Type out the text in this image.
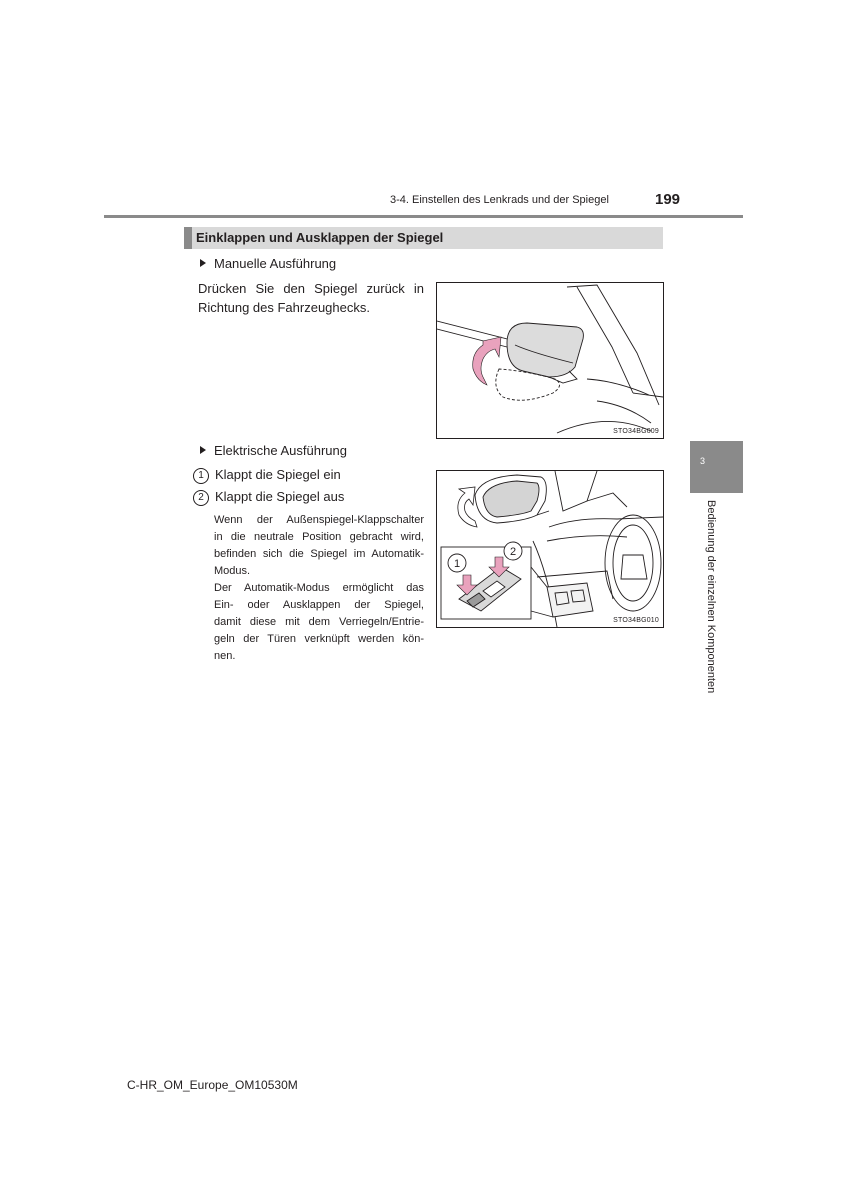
3-4. Einstellen des Lenkrads und der Spiegel	199
Einklappen und Ausklappen der Spiegel
Manuelle Ausführung
Drücken Sie den Spiegel zurück in
Richtung des Fahrzeughecks.
STO34BG009
Elektrische Ausführung
1 Klappt die Spiegel ein
2 Klappt die Spiegel aus
Wenn der Außenspiegel-Klappschalter
in die neutrale Position gebracht wird,
befinden sich die Spiegel im Automatik-
Modus.
Der Automatik-Modus ermöglicht das
Ein- oder Ausklappen der Spiegel,
damit diese mit dem Verriegeln/Entrie-
geln der Türen verknüpft werden kön-
nen.
1
2
STO34BG010
3
Bedienung der einzelnen Komponenten
C-HR_OM_Europe_OM10530M
